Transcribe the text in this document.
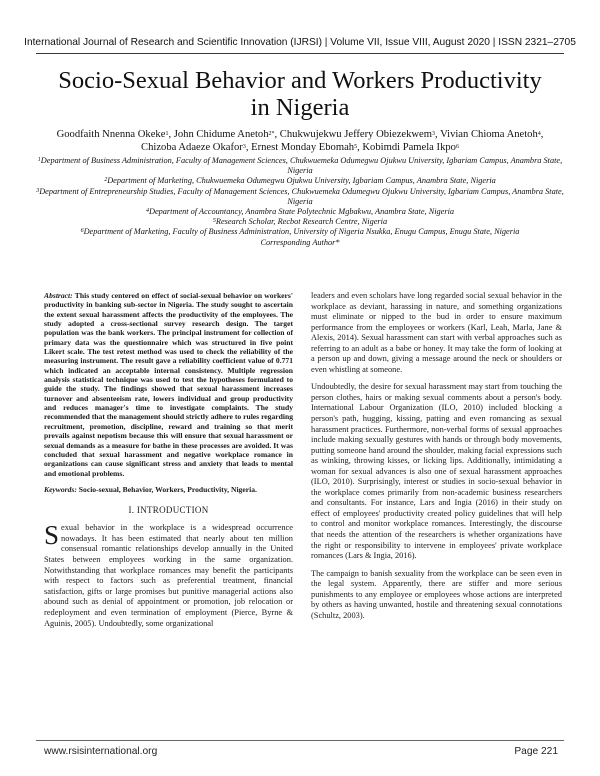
International Journal of Research and Scientific Innovation (IJRSI) | Volume VII, Issue VIII, August 2020 | ISSN 2321–2705
Socio-Sexual Behavior and Workers Productivity
in Nigeria
Goodfaith Nnenna Okeke$^1$, John Chidume Anetoh$^{2*}$, Chukwujekwu Jeffery Obiezekwem$^3$, Vivian Chioma Anetoh$^4$,
Chizoba Adaeze Okafor$^3$, Ernest Monday Ebomah$^5$, Kobimdi Pamela Ikpo$^6$
$^1$Department of Business Administration, Faculty of Management Sciences, Chukwuemeka Odumegwu Ojukwu University, Igbariam Campus, Anambra State, Nigeria
$^2$Department of Marketing, Chukwuemeka Odumegwu Ojukwu University, Igbariam Campus, Anambra State, Nigeria
$^3$Department of Entrepreneurship Studies, Faculty of Management Sciences, Chukwuemeka Odumegwu Ojukwu University, Igbariam Campus, Anambra State, Nigeria
$^4$Department of Accountancy, Anambra State Polytechnic Mgbakwu, Anambra State, Nigeria
$^5$Research Scholar, Recbot Research Centre, Nigeria
$^6$Department of Marketing, Faculty of Business Administration, University of Nigeria Nsukka, Enugu Campus, Enugu State, Nigeria
Corresponding Author*

Abstract: This study centered on effect of social-sexual behavior on workers' productivity in banking sub-sector in Nigeria. The study sought to ascertain the extent sexual harassment affects the productivity of the employees. The study adopted a cross-sectional survey research design. The target population was the bank workers. The principal instrument for collection of primary data was the questionnaire which was structured in five point Likert scale. The test retest method was used to check the reliability of the measuring instrument. The result gave a reliability coefficient value of 0.771 which indicated an acceptable internal consistency. Multiple regression analysis statistical technique was used to test the hypotheses formulated to guide the study. The findings showed that sexual harassment increases turnover and absenteeism rate, lowers individual and group productivity and reduces manager's time to investigate complaints. The study recommended that the management should strictly adhere to rules regarding recruitment, promotion, discipline, reward and training so that merit prevails against nepotism because this will ensure that sexual harassment or sexual demands as a measure for bathe in these processes are avoided. It was concluded that sexual harassment and negative workplace romance in organizations can cause significant stress and anxiety that leads to mental and emotional problems.

Keywords: Socio-sexual, Behavior, Workers, Productivity, Nigeria.

I. INTRODUCTION
S exual behavior in the workplace is a widespread occurrence nowadays. It has been estimated that nearly about ten million consensual romantic relationships develop annually in the United States between employees working in the same organization. Notwithstanding that workplace romances may benefit the participants with respect to factors such as preferential treatment, financial satisfaction, gifts or large promises but punitive managerial actions also abound such as denial of appointment or promotion, job relocation or redeployment and even termination of employment (Pierce, Byrne & Aguinis, 2005). Undoubtedly, some organizational

leaders and even scholars have long regarded social sexual behavior in the workplace as deviant, harassing in nature, and something organizations must eliminate or nipped to the bud in order to ensure maximum performance from the employees or workers (Karl, Leah, Marla, Jane & Alexis, 2014). Sexual harassment can start with verbal approaches such as referring to an adult as a babe or honey. It may take the form of looking at a person up and down, giving a message around the neck or shoulders or even whistling at someone.

Undoubtedly, the desire for sexual harassment may start from touching the person clothes, hairs or making sexual comments about a person's body. International Labour Organization (ILO, 2010) included blocking a person's path, hugging, kissing, patting and even romancing as sexual harassment practices. Furthermore, non-verbal forms of sexual approaches include making sexually gestures with hands or through body movements, putting someone hand around the shoulder, making facial expressions such as winking, throwing kisses, or licking lips. Additionally, intimidating a woman for sexual advances is also one of sexual harassment approaches (ILO, 2010). Surprisingly, interest or studies in socio-sexual behavior in the workplace comes primarily from non-academic business researchers and consultants. For instance, Lars and Ingia (2016) in their study on effect of employees' productivity created policy guidelines that will help to control and monitor workplace romances. Interestingly, the discourse that needs the attention of the researchers is whether organizations have the right or responsibility to intervene in employees' private workplace romances (Lars & Ingia, 2016).

The campaign to banish sexuality from the workplace can be seen even in the legal system. Apparently, there are stiffer and more serious punishments to any employee or employees whose actions are interpreted by others as having unwanted, hostile and threatening sexual connotations (Schultz, 2003).

www.rsisinternational.org	Page 221
